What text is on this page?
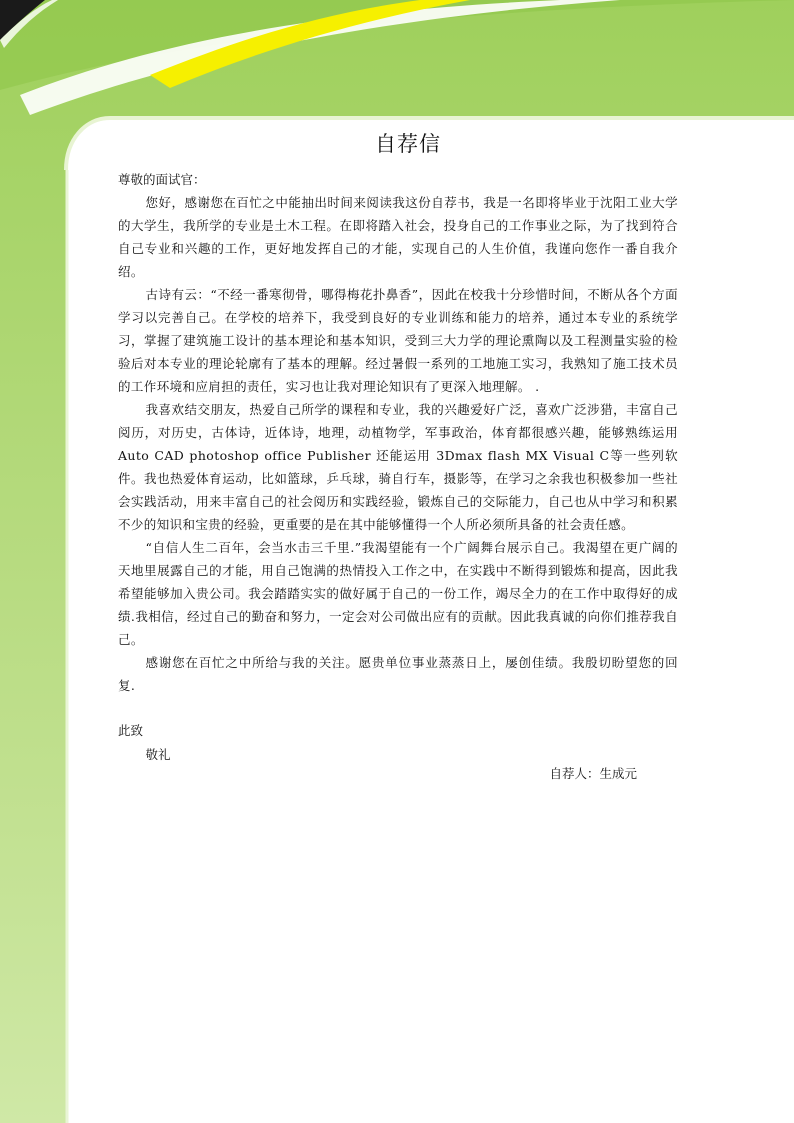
自荐信

尊敬的面试官：

您好，感谢您在百忙之中能抽出时间来阅读我这份自荐书，我是一名即将毕业于沈阳工业大学的大学生，我所学的专业是土木工程。在即将踏入社会，投身自己的工作事业之际，为了找到符合自己专业和兴趣的工作，更好地发挥自己的才能，实现自己的人生价值，我谨向您作一番自我介绍。

古诗有云：“不经一番寒彻骨，哪得梅花扑鼻香”，因此在校我十分珍惜时间，不断从各个方面学习以完善自己。在学校的培养下，我受到良好的专业训练和能力的培养，通过本专业的系统学习，掌握了建筑施工设计的基本理论和基本知识，受到三大力学的理论熏陶以及工程测量实验的检验后对本专业的理论轮廓有了基本的理解。经过暑假一系列的工地施工实习，我熟知了施工技术员的工作环境和应肩担的责任，实习也让我对理论知识有了更深入地理解。 .

我喜欢结交朋友，热爱自己所学的课程和专业，我的兴趣爱好广泛，喜欢广泛涉猎，丰富自己阅历，对历史，古体诗，近体诗，地理，动植物学，军事政治，体育都很感兴趣，能够熟练运用Auto CAD photoshop office Publisher 还能运用 3Dmax flash MX Visual C等一些列软件。我也热爱体育运动，比如篮球，乒乓球，骑自行车，摄影等，在学习之余我也积极参加一些社会实践活动，用来丰富自己的社会阅历和实践经验，锻炼自己的交际能力，自己也从中学习和积累不少的知识和宝贵的经验，更重要的是在其中能够懂得一个人所必须所具备的社会责任感。

“自信人生二百年，会当水击三千里.”我渴望能有一个广阔舞台展示自己。我渴望在更广阔的天地里展露自己的才能，用自己饱满的热情投入工作之中，在实践中不断得到锻炼和提高，因此我希望能够加入贵公司。我会踏踏实实的做好属于自己的一份工作，竭尽全力的在工作中取得好的成绩.我相信，经过自己的勤奋和努力，一定会对公司做出应有的贡献。因此我真诚的向你们推荐我自己。

感谢您在百忙之中所给与我的关注。愿贵单位事业蒸蒸日上，屡创佳绩。我殷切盼望您的回复.

此致

敬礼

自荐人：生成元
